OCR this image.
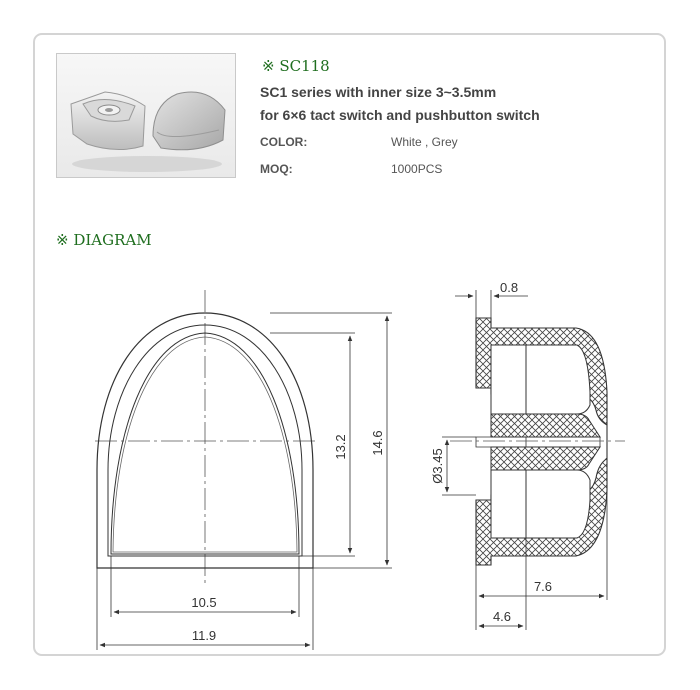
※ SC118
SC1 series with inner size 3~3.5mm
for 6×6 tact switch and pushbutton switch
COLOR:	White , Grey
MOQ:	1000PCS
※ DIAGRAM
13.2 14.6
10.5
11.9
0.8
Ø3.45
7.6
4.6
